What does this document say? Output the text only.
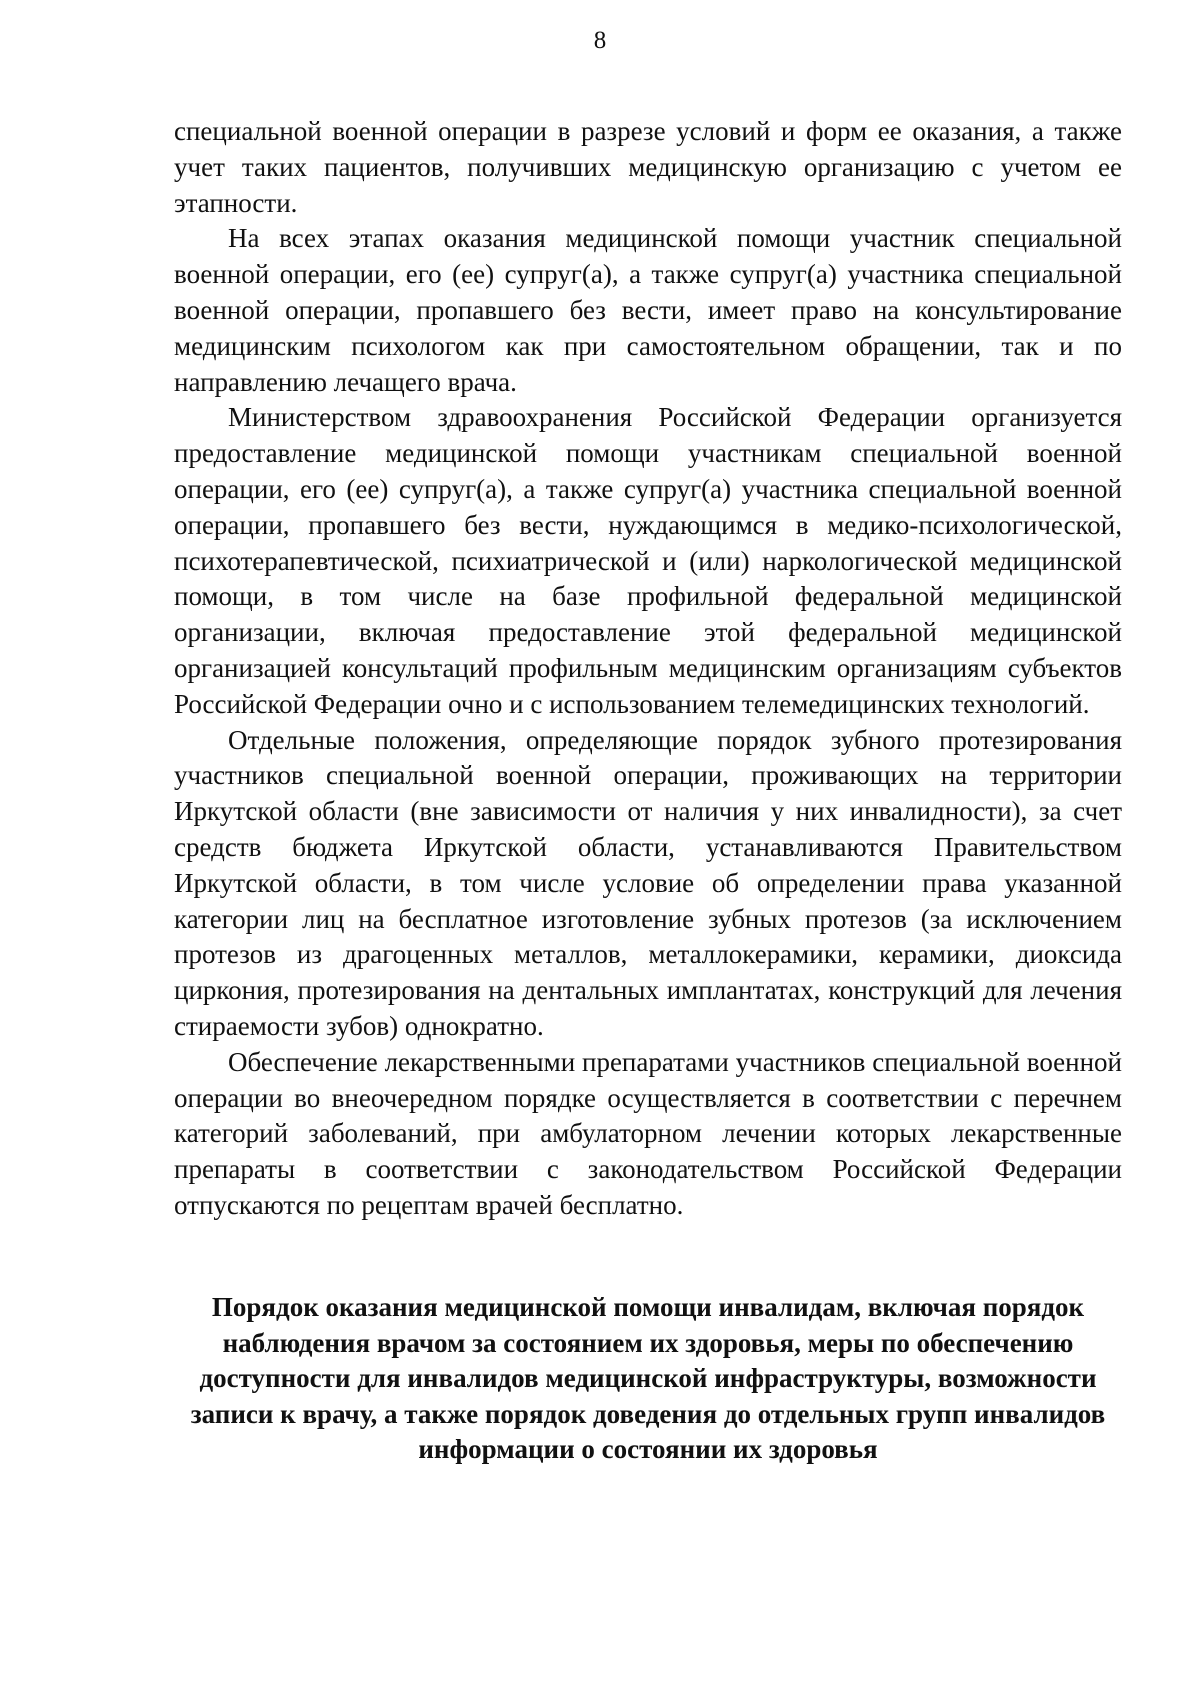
8

специальной военной операции в разрезе условий и форм ее оказания, а также учет таких пациентов, получивших медицинскую организацию с учетом ее этапности.

На всех этапах оказания медицинской помощи участник специальной военной операции, его (ее) супруг(а), а также супруг(а) участника специальной военной операции, пропавшего без вести, имеет право на консультирование медицинским психологом как при самостоятельном обращении, так и по направлению лечащего врача.

Министерством здравоохранения Российской Федерации организуется предоставление медицинской помощи участникам специальной военной операции, его (ее) супруг(а), а также супруг(а) участника специальной военной операции, пропавшего без вести, нуждающимся в медико-психологической, психотерапевтической, психиатрической и (или) наркологической медицинской помощи, в том числе на базе профильной федеральной медицинской организации, включая предоставление этой федеральной медицинской организацией консультаций профильным медицинским организациям субъектов Российской Федерации очно и с использованием телемедицинских технологий.

Отдельные положения, определяющие порядок зубного протезирования участников специальной военной операции, проживающих на территории Иркутской области (вне зависимости от наличия у них инвалидности), за счет средств бюджета Иркутской области, устанавливаются Правительством Иркутской области, в том числе условие об определении права указанной категории лиц на бесплатное изготовление зубных протезов (за исключением протезов из драгоценных металлов, металлокерамики, керамики, диоксида циркония, протезирования на дентальных имплантатах, конструкций для лечения стираемости зубов) однократно.

Обеспечение лекарственными препаратами участников специальной военной операции во внеочередном порядке осуществляется в соответствии с перечнем категорий заболеваний, при амбулаторном лечении которых лекарственные препараты в соответствии с законодательством Российской Федерации отпускаются по рецептам врачей бесплатно.

Порядок оказания медицинской помощи инвалидам, включая порядок наблюдения врачом за состоянием их здоровья, меры по обеспечению доступности для инвалидов медицинской инфраструктуры, возможности записи к врачу, а также порядок доведения до отдельных групп инвалидов информации о состоянии их здоровья
